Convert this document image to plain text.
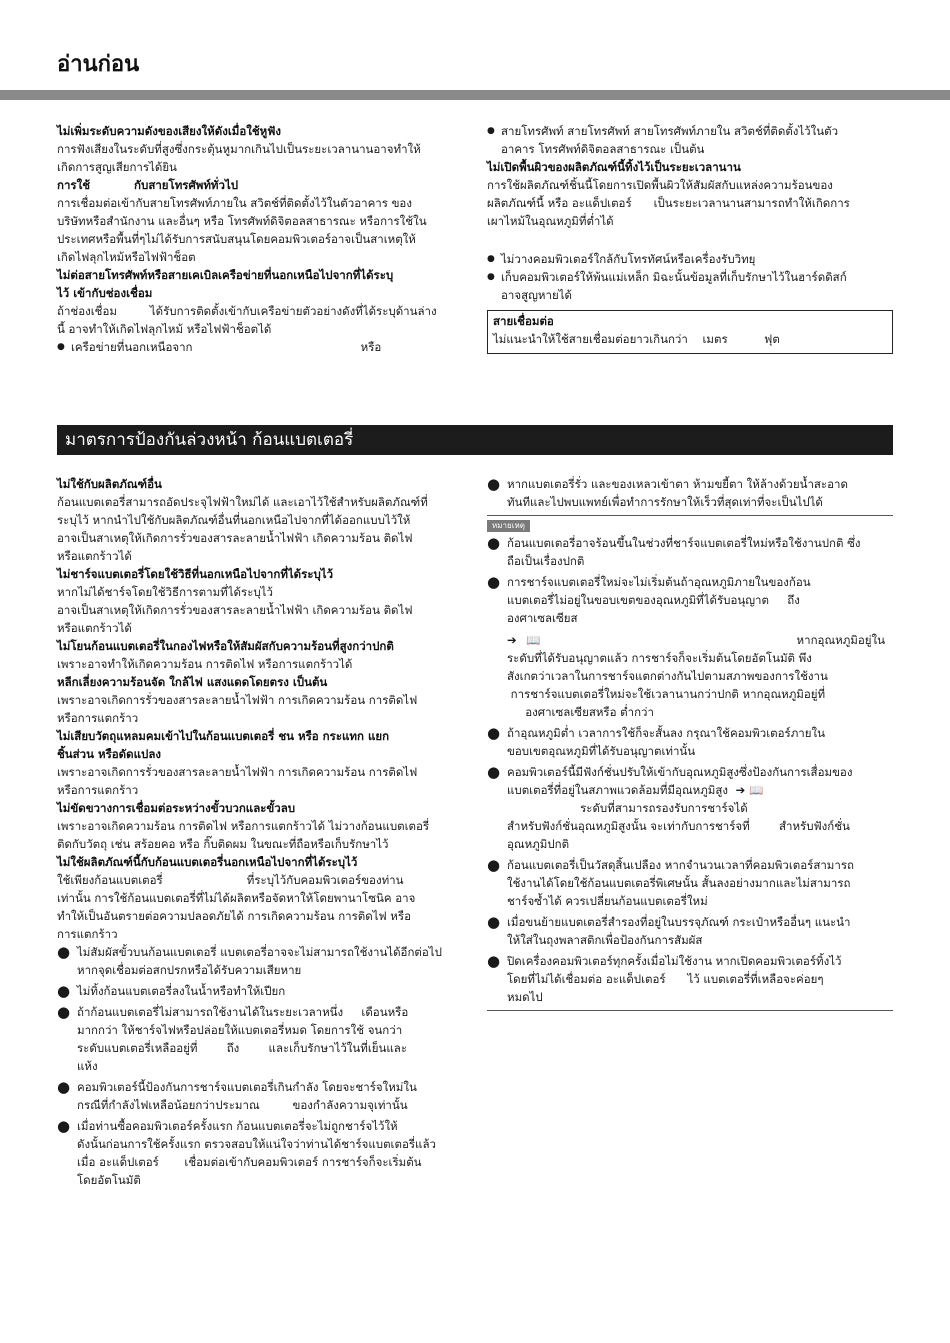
อ่านก่อน

ไม่เพิ่มระดับความดังของเสียงให้ดังเมื่อใช้หูฟัง

การฟังเสียงในระดับที่สูงซึ่งกระตุ้นหูมากเกินไปเป็นระยะเวลานานอาจทำให้

เกิดการสูญเสียการได้ยิน

การใช้           กับสายโทรศัพท์ทั่วไป

การเชื่อมต่อเข้ากับสายโทรศัพท์ภายใน สวิตช์ที่ติดตั้งไว้ในตัวอาคาร ของ

บริษัทหรือสำนักงาน และอื่นๆ หรือ โทรศัพท์ดิจิตอลสาธารณะ หรือการใช้ใน

ประเทศหรือพื้นที่ๆไม่ได้รับการสนับสนุนโดยคอมพิวเตอร์อาจเป็นสาเหตุให้

เกิดไฟลุกไหม้หรือไฟฟ้าช็อต

ไม่ต่อสายโทรศัพท์หรือสายเคเบิลเครือข่ายที่นอกเหนือไปจากที่ได้ระบุ

ไว้ เข้ากับช่องเชื่อม

ถ้าช่องเชื่อม         ได้รับการติดตั้งเข้ากับเครือข่ายตัวอย่างดังที่ได้ระบุด้านล่าง

นี้ อาจทำให้เกิดไฟลุกไหม้ หรือไฟฟ้าช็อตได้

● เครือข่ายที่นอกเหนือจาก                                              หรือ
● สายโทรศัพท์ สายโทรศัพท์ สายโทรศัพท์ภายใน สวิตช์ที่ติดตั้งไว้ในตัว

อาคาร โทรศัพท์ดิจิตอลสาธารณะ เป็นต้น

ไม่เปิดพื้นผิวของผลิตภัณฑ์นี้ทิ้งไว้เป็นระยะเวลานาน

การใช้ผลิตภัณฑ์ชิ้นนี้โดยการเปิดพื้นผิวให้สัมผัสกับแหล่งความร้อนของ

ผลิตภัณฑ์นี้ หรือ อะแด็ปเตอร์      เป็นระยะเวลานานสามารถทำให้เกิดการ

เผาไหม้ในอุณหภูมิที่ต่ำได้

● ไม่วางคอมพิวเตอร์ใกล้กับโทรทัศน์หรือเครื่องรับวิทยุ

● เก็บคอมพิวเตอร์ให้พ้นแม่เหล็ก มิฉะนั้นข้อมูลที่เก็บรักษาไว้ในฮาร์ดดิสก์

อาจสูญหายได้

สายเชื่อมต่อ

ไม่แนะนำให้ใช้สายเชื่อมต่อยาวเกินกว่า    เมตร          ฟุต

มาตรการป้องกันล่วงหน้า ก้อนแบตเตอรี่

ไม่ใช้กับผลิตภัณฑ์อื่น

ก้อนแบตเตอรี่สามารถอัดประจุไฟฟ้าใหม่ได้ และเอาไว้ใช้สำหรับผลิตภัณฑ์ที่

ระบุไว้ หากนำไปใช้กับผลิตภัณฑ์อื่นที่นอกเหนือไปจากที่ได้ออกแบบไว้ให้

อาจเป็นสาเหตุให้เกิดการรั่วของสารละลายน้ำไฟฟ้า เกิดความร้อน ติดไฟ

หรือแตกร้าวได้

ไม่ชาร์จแบตเตอรี่โดยใช้วิธีที่นอกเหนือไปจากที่ได้ระบุไว้

หากไม่ได้ชาร์จโดยใช้วิธีการตามที่ได้ระบุไว้

อาจเป็นสาเหตุให้เกิดการรั่วของสารละลายน้ำไฟฟ้า เกิดความร้อน ติดไฟ

หรือแตกร้าวได้

ไม่โยนก้อนแบตเตอรี่ในกองไฟหรือให้สัมผัสกับความร้อนที่สูงกว่าปกติ

เพราะอาจทำให้เกิดความร้อน การติดไฟ หรือการแตกร้าวได้

หลีกเลี่ยงความร้อนจัด ใกล้ไฟ แสงแดดโดยตรง เป็นต้น

เพราะอาจเกิดการรั่วของสารละลายน้ำไฟฟ้า การเกิดความร้อน การติดไฟ

หรือการแตกร้าว

ไม่เสียบวัตถุแหลมคมเข้าไปในก้อนแบตเตอรี่ ชน หรือ กระแทก แยก

ชิ้นส่วน หรือดัดแปลง

เพราะอาจเกิดการรั่วของสารละลายน้ำไฟฟ้า การเกิดความร้อน การติดไฟ

หรือการแตกร้าว

ไม่ขัดขวางการเชื่อมต่อระหว่างขั้วบวกและขั้วลบ

เพราะอาจเกิดความร้อน การติดไฟ หรือการแตกร้าวได้ ไม่วางก้อนแบตเตอรี่

ติดกับวัตถุ เช่น สร้อยคอ หรือ กิ๊บติดผม ในขณะที่ถือหรือเก็บรักษาไว้

ไม่ใช้ผลิตภัณฑ์นี้กับก้อนแบตเตอรี่นอกเหนือไปจากที่ได้ระบุไว้

ใช้เพียงก้อนแบตเตอรี่                       ที่ระบุไว้กับคอมพิวเตอร์ของท่าน

เท่านั้น การใช้ก้อนแบตเตอรี่ที่ไม่ได้ผลิตหรือจัดหาให้โดยพานาโซนิค อาจ

ทำให้เป็นอันตรายต่อความปลอดภัยได้ การเกิดความร้อน การติดไฟ หรือ

การแตกร้าว

● ไม่สัมผัสขั้วบนก้อนแบตเตอรี่ แบตเตอรี่อาจจะไม่สามารถใช้งานได้อีกต่อไป

หากจุดเชื่อมต่อสกปรกหรือได้รับความเสียหาย

● ไม่ทิ้งก้อนแบตเตอรี่ลงในน้ำหรือทำให้เปียก

● ถ้าก้อนแบตเตอรี่ไม่สามารถใช้งานได้ในระยะเวลาหนึ่ง     เดือนหรือ

มากกว่า ให้ชาร์จไฟหรือปล่อยให้แบตเตอรี่หมด โดยการใช้ จนกว่า

ระดับแบตเตอรี่เหลืออยู่ที่        ถึง        และเก็บรักษาไว้ในที่เย็นและ

แห้ง

● คอมพิวเตอร์นี้ป้องกันการชาร์จแบตเตอรี่เกินกำลัง โดยจะชาร์จใหม่ใน

กรณีที่กำลังไฟเหลือน้อยกว่าประมาณ         ของกำลังความจุเท่านั้น

● เมื่อท่านซื้อคอมพิวเตอร์ครั้งแรก ก้อนแบตเตอรี่จะไม่ถูกชาร์จไว้ให้

ดังนั้นก่อนการใช้ครั้งแรก ตรวจสอบให้แน่ใจว่าท่านได้ชาร์จแบตเตอรี่แล้ว

เมื่อ อะแด็ปเตอร์       เชื่อมต่อเข้ากับคอมพิวเตอร์ การชาร์จก็จะเริ่มต้น

โดยอัตโนมัติ

● หากแบตเตอรี่รั่ว และของเหลวเข้าตา ห้ามขยี้ตา ให้ล้างด้วยน้ำสะอาด

ทันทีและไปพบแพทย์เพื่อทำการรักษาให้เร็วที่สุดเท่าที่จะเป็นไปได้

หมายเหตุ
● ก้อนแบตเตอรี่อาจร้อนขึ้นในช่วงที่ชาร์จแบตเตอรี่ใหม่หรือใช้งานปกติ ซึ่ง

ถือเป็นเรื่องปกติ

● การชาร์จแบตเตอรี่ใหม่จะไม่เริ่มต้นถ้าอุณหภูมิภายในของก้อน

แบตเตอรี่ไม่อยู่ในขอบเขตของอุณหภูมิที่ได้รับอนุญาต     ถึง

องศาเซลเซียส

➔ 📖	หากอุณหภูมิอยู่ใน

ระดับที่ได้รับอนุญาตแล้ว การชาร์จก็จะเริ่มต้นโดยอัตโนมัติ พึง

สังเกตว่าเวลาในการชาร์จแตกต่างกันไปตามสภาพของการใช้งาน

การชาร์จแบตเตอรี่ใหม่จะใช้เวลานานกว่าปกติ หากอุณหภูมิอยู่ที่

องศาเซลเซียสหรือ ต่ำกว่า

● ถ้าอุณหภูมิต่ำ เวลาการใช้ก็จะสั้นลง กรุณาใช้คอมพิวเตอร์ภายใน

ขอบเขตอุณหภูมิที่ได้รับอนุญาตเท่านั้น

● คอมพิวเตอร์นี้มีฟังก์ชั่นปรับให้เข้ากับอุณหภูมิสูงซึ่งป้องกันการเสื่อมของ

แบตเตอรี่ที่อยู่ในสภาพแวดล้อมที่มีอุณหภูมิสูง ➔ 📖

ระดับที่สามารถรองรับการชาร์จได้

สำหรับฟังก์ชั่นอุณหภูมิสูงนั้น จะเท่ากับการชาร์จที่        สำหรับฟังก์ชั่น

อุณหภูมิปกติ

● ก้อนแบตเตอรี่เป็นวัสดุสิ้นเปลือง หากจำนวนเวลาที่คอมพิวเตอร์สามารถ

ใช้งานได้โดยใช้ก้อนแบตเตอรี่พิเศษนั้น สั้นลงอย่างมากและไม่สามารถ

ชาร์จซ้ำได้ ควรเปลี่ยนก้อนแบตเตอรี่ใหม่

● เมื่อขนย้ายแบตเตอรี่สำรองที่อยู่ในบรรจุภัณฑ์ กระเป๋าหรืออื่นๆ แนะนำ

ให้ใส่ในถุงพลาสติกเพื่อป้องกันการสัมผัส

● ปิดเครื่องคอมพิวเตอร์ทุกครั้งเมื่อไม่ใช้งาน หากเปิดคอมพิวเตอร์ทิ้งไว้

โดยที่ไม่ได้เชื่อมต่อ อะแด็ปเตอร์      ไว้ แบตเตอรี่ที่เหลือจะค่อยๆ

หมดไป
